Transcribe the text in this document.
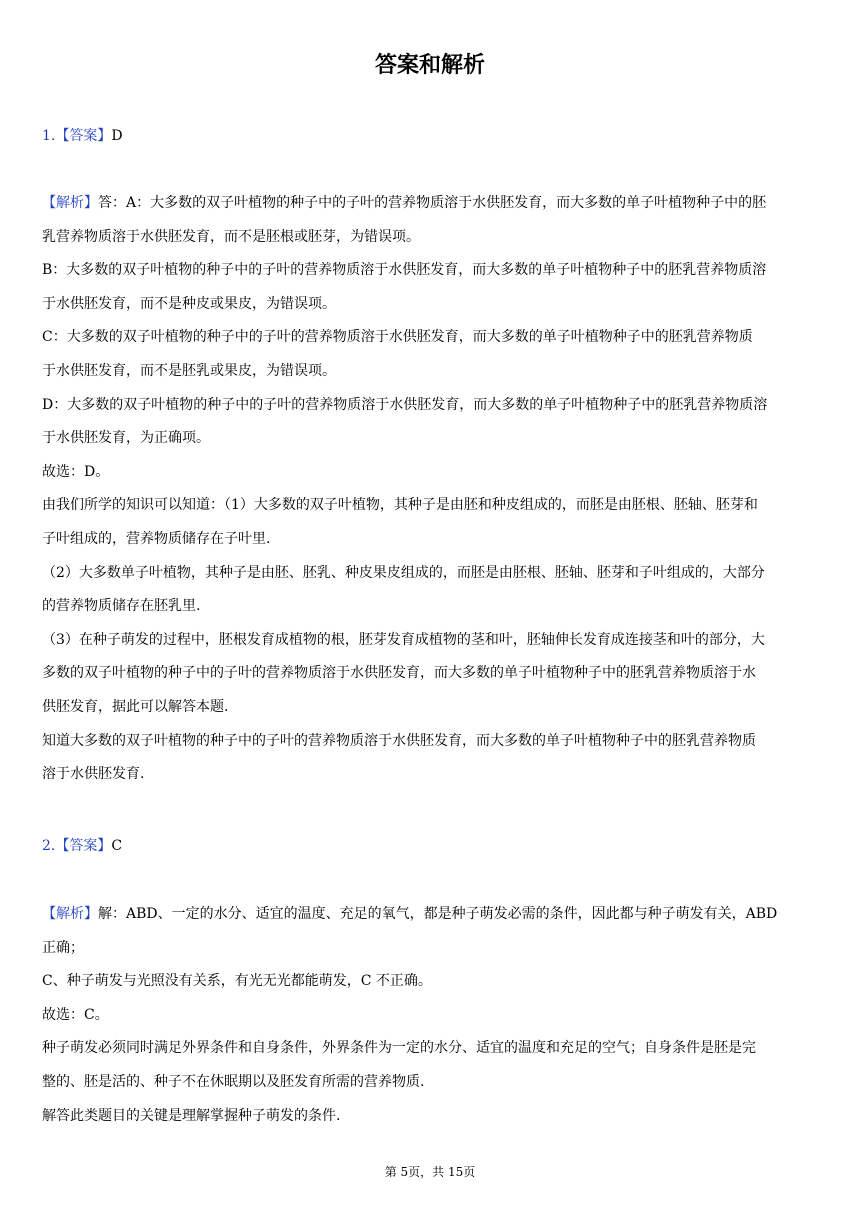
答案和解析
1.【答案】D
【解析】答：A：大多数的双子叶植物的种子中的子叶的营养物质溶于水供胚发育，而大多数的单子叶植物种子中的胚
乳营养物质溶于水供胚发育，而不是胚根或胚芽，为错误项。
B：大多数的双子叶植物的种子中的子叶的营养物质溶于水供胚发育，而大多数的单子叶植物种子中的胚乳营养物质溶
于水供胚发育，而不是种皮或果皮，为错误项。
C：大多数的双子叶植物的种子中的子叶的营养物质溶于水供胚发育，而大多数的单子叶植物种子中的胚乳营养物质
于水供胚发育，而不是胚乳或果皮，为错误项。
D：大多数的双子叶植物的种子中的子叶的营养物质溶于水供胚发育，而大多数的单子叶植物种子中的胚乳营养物质溶
于水供胚发育，为正确项。
故选：D。
由我们所学的知识可以知道：（1）大多数的双子叶植物，其种子是由胚和种皮组成的，而胚是由胚根、胚轴、胚芽和
子叶组成的，营养物质储存在子叶里.
（2）大多数单子叶植物，其种子是由胚、胚乳、种皮果皮组成的，而胚是由胚根、胚轴、胚芽和子叶组成的，大部分
的营养物质储存在胚乳里.
（3）在种子萌发的过程中，胚根发育成植物的根，胚芽发育成植物的茎和叶，胚轴伸长发育成连接茎和叶的部分，大
多数的双子叶植物的种子中的子叶的营养物质溶于水供胚发育，而大多数的单子叶植物种子中的胚乳营养物质溶于水
供胚发育，据此可以解答本题.
知道大多数的双子叶植物的种子中的子叶的营养物质溶于水供胚发育，而大多数的单子叶植物种子中的胚乳营养物质
溶于水供胚发育.
2.【答案】C
【解析】解：ABD、一定的水分、适宜的温度、充足的氧气，都是种子萌发必需的条件，因此都与种子萌发有关，ABD
正确；
C、种子萌发与光照没有关系，有光无光都能萌发，C 不正确。
故选：C。
种子萌发必须同时满足外界条件和自身条件，外界条件为一定的水分、适宜的温度和充足的空气；自身条件是胚是完
整的、胚是活的、种子不在休眠期以及胚发育所需的营养物质.
解答此类题目的关键是理解掌握种子萌发的条件.
第 5页，共 15页
